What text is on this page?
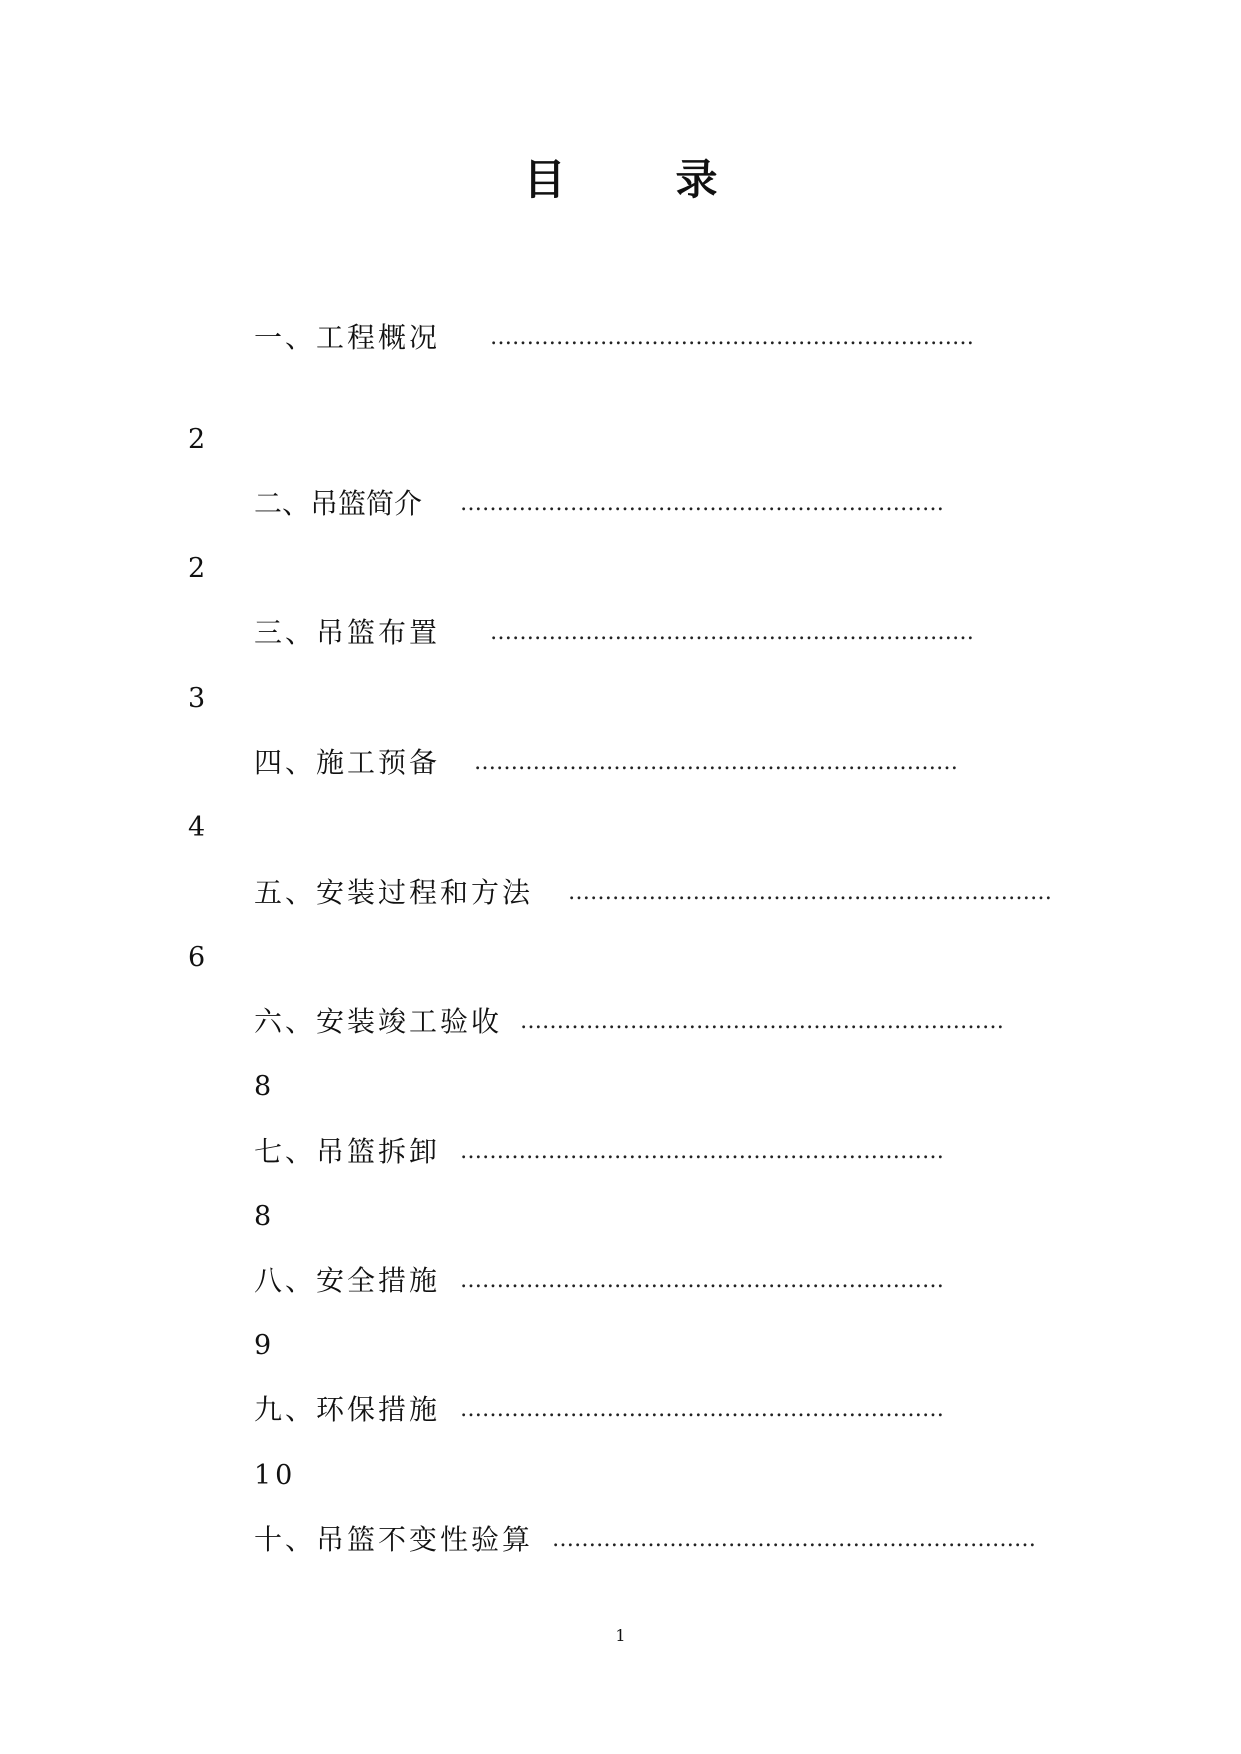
目录
一、工程概况 …………………………………………………………
2
二、吊篮简介 …………………………………………………………
2
三、吊篮布置 …………………………………………………………
3
四、施工预备 …………………………………………………………
4
五、安装过程和方法 …………………………………………………………
6
六、安装竣工验收 …………………………………………………………
8
七、吊篮拆卸 …………………………………………………………
8
八、安全措施 …………………………………………………………
9
九、环保措施 …………………………………………………………
10
十、吊篮不变性验算 …………………………………………………………
1
